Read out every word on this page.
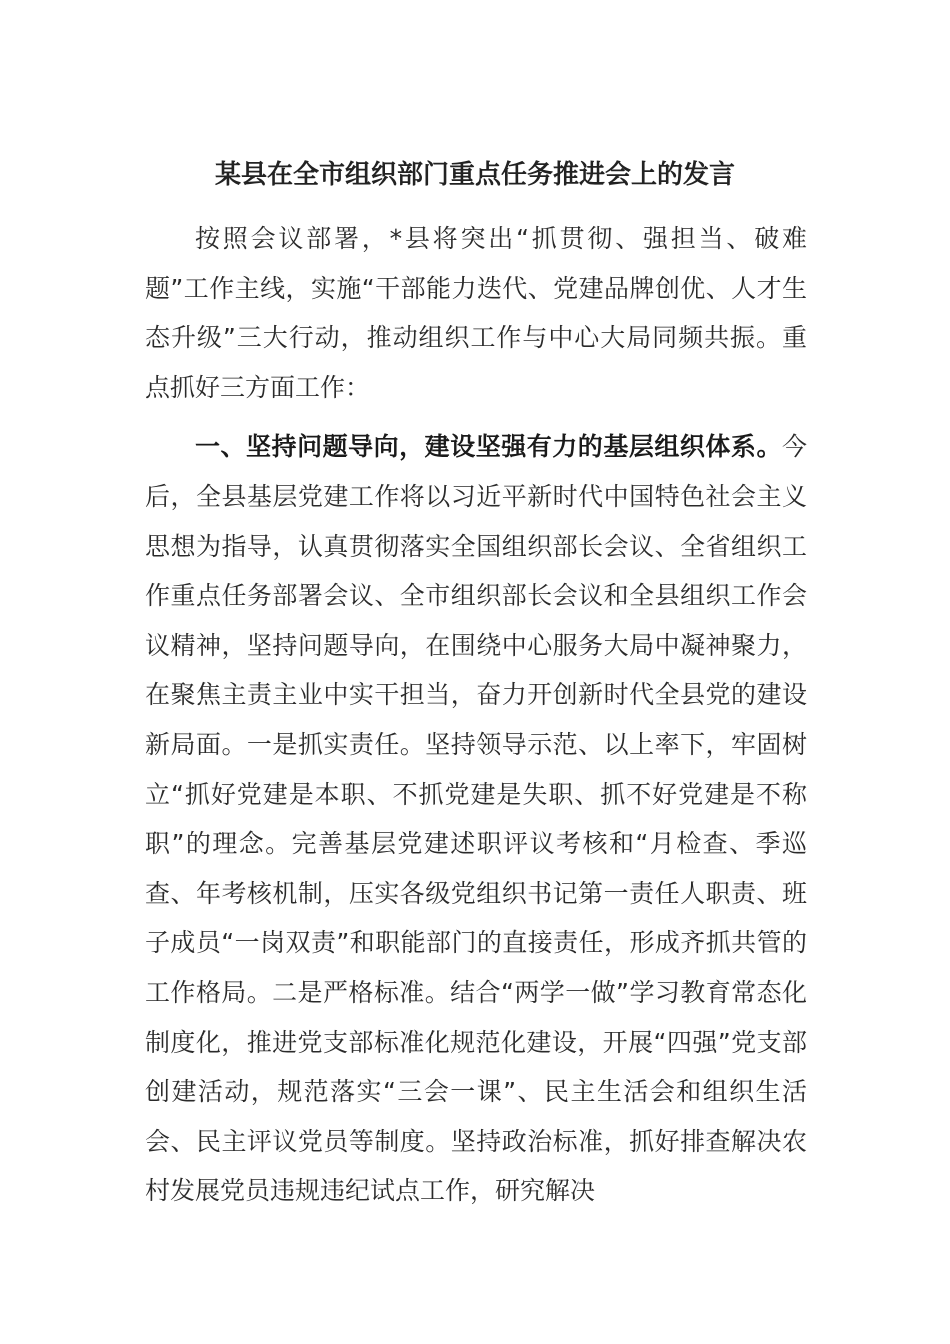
某县在全市组织部门重点任务推进会上的发言

按照会议部署，*县将突出“抓贯彻、强担当、破难题”工作主线，实施“干部能力迭代、党建品牌创优、人才生态升级”三大行动，推动组织工作与中心大局同频共振。重点抓好三方面工作：

一、坚持问题导向，建设坚强有力的基层组织体系。今后，全县基层党建工作将以习近平新时代中国特色社会主义思想为指导，认真贯彻落实全国组织部长会议、全省组织工作重点任务部署会议、全市组织部长会议和全县组织工作会议精神，坚持问题导向，在围绕中心服务大局中凝神聚力，在聚焦主责主业中实干担当，奋力开创新时代全县党的建设新局面。一是抓实责任。坚持领导示范、以上率下，牢固树立“抓好党建是本职、不抓党建是失职、抓不好党建是不称职”的理念。完善基层党建述职评议考核和“月检查、季巡查、年考核机制，压实各级党组织书记第一责任人职责、班子成员“一岗双责”和职能部门的直接责任，形成齐抓共管的工作格局。二是严格标准。结合“两学一做”学习教育常态化制度化，推进党支部标准化规范化建设，开展“四强”党支部创建活动，规范落实“三会一课”、民主生活会和组织生活会、民主评议党员等制度。坚持政治标准，抓好排查解决农村发展党员违规违纪试点工作，研究解决
